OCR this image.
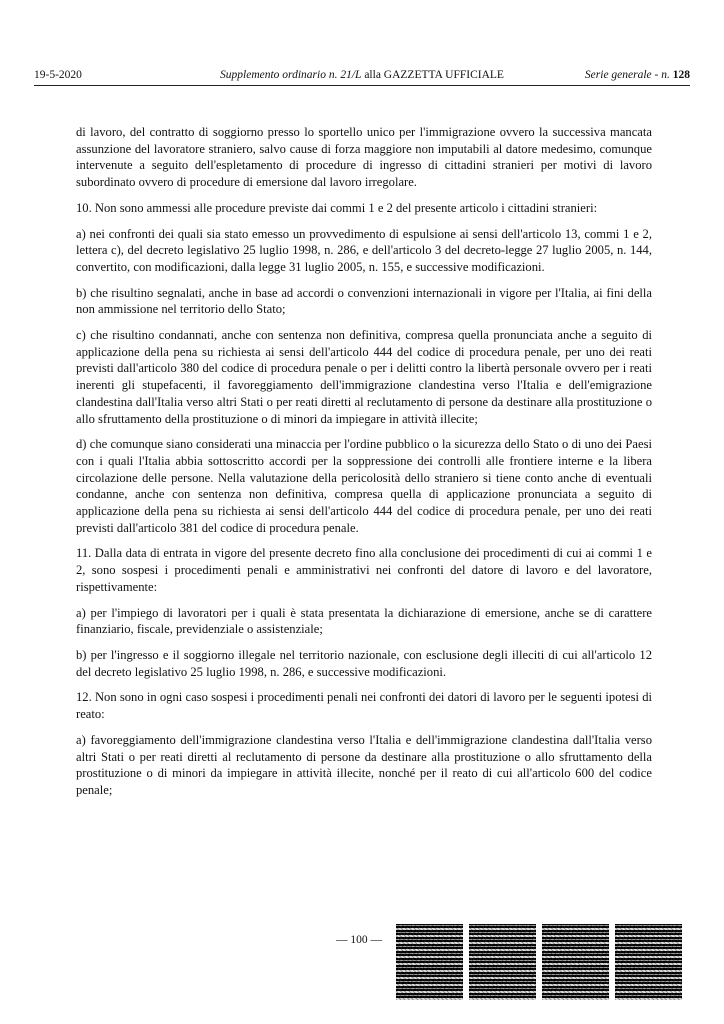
19-5-2020	Supplemento ordinario n. 21/L alla GAZZETTA UFFICIALE	Serie generale - n. 128

di lavoro, del contratto di soggiorno presso lo sportello unico per l'immigrazione ovvero la successiva mancata assunzione del lavoratore straniero, salvo cause di forza maggiore non imputabili al datore medesimo, comunque intervenute a seguito dell'espletamento di procedure di ingresso di cittadini stranieri per motivi di lavoro subordinato ovvero di procedure di emersione dal lavoro irregolare.

10. Non sono ammessi alle procedure previste dai commi 1 e 2 del presente articolo i cittadini stranieri:

a) nei confronti dei quali sia stato emesso un provvedimento di espulsione ai sensi dell'articolo 13, commi 1 e 2, lettera c), del decreto legislativo 25 luglio 1998, n. 286, e dell'articolo 3 del decreto-legge 27 luglio 2005, n. 144, convertito, con modificazioni, dalla legge 31 luglio 2005, n. 155, e successive modificazioni.

b) che risultino segnalati, anche in base ad accordi o convenzioni internazionali in vigore per l'Italia, ai fini della non ammissione nel territorio dello Stato;

c) che risultino condannati, anche con sentenza non definitiva, compresa quella pronunciata anche a seguito di applicazione della pena su richiesta ai sensi dell'articolo 444 del codice di procedura penale, per uno dei reati previsti dall'articolo 380 del codice di procedura penale o per i delitti contro la libertà personale ovvero per i reati inerenti gli stupefacenti, il favoreggiamento dell'immigrazione clandestina verso l'Italia e dell'emigrazione clandestina dall'Italia verso altri Stati o per reati diretti al reclutamento di persone da destinare alla prostituzione o allo sfruttamento della prostituzione o di minori da impiegare in attività illecite;

d) che comunque siano considerati una minaccia per l'ordine pubblico o la sicurezza dello Stato o di uno dei Paesi con i quali l'Italia abbia sottoscritto accordi per la soppressione dei controlli alle frontiere interne e la libera circolazione delle persone. Nella valutazione della pericolosità dello straniero si tiene conto anche di eventuali condanne, anche con sentenza non definitiva, compresa quella di applicazione pronunciata a seguito di applicazione della pena su richiesta ai sensi dell'articolo 444 del codice di procedura penale, per uno dei reati previsti dall'articolo 381 del codice di procedura penale.

11. Dalla data di entrata in vigore del presente decreto fino alla conclusione dei procedimenti di cui ai commi 1 e 2, sono sospesi i procedimenti penali e amministrativi nei confronti del datore di lavoro e del lavoratore, rispettivamente:

a) per l'impiego di lavoratori per i quali è stata presentata la dichiarazione di emersione, anche se di carattere finanziario, fiscale, previdenziale o assistenziale;

b) per l'ingresso e il soggiorno illegale nel territorio nazionale, con esclusione degli illeciti di cui all'articolo 12 del decreto legislativo 25 luglio 1998, n. 286, e successive modificazioni.

12. Non sono in ogni caso sospesi i procedimenti penali nei confronti dei datori di lavoro per le seguenti ipotesi di reato:

a) favoreggiamento dell'immigrazione clandestina verso l'Italia e dell'immigrazione clandestina dall'Italia verso altri Stati o per reati diretti al reclutamento di persone da destinare alla prostituzione o allo sfruttamento della prostituzione o di minori da impiegare in attività illecite, nonché per il reato di cui all'articolo 600 del codice penale;

— 100 —
